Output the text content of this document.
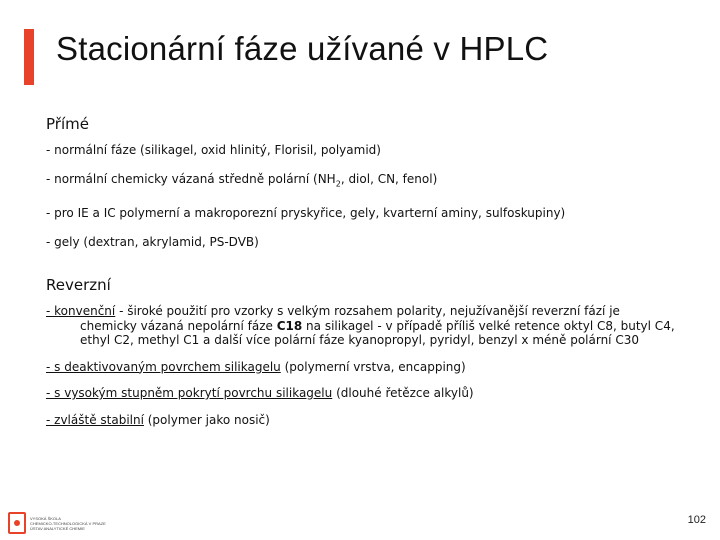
Stacionární fáze užívané v HPLC

Přímé

- normální fáze (silikagel, oxid hlinitý, Florisil, polyamid)

- normální chemicky vázaná středně polární ($NH_2$, diol, CN, fenol)

- pro IE a IC polymerní a makroporezní pryskyřice, gely, kvarterní aminy, sulfoskupiny)

- gely (dextran, akrylamid, PS-DVB)

Reverzní

- konvenční - široké použití pro vzorky s velkým rozsahem polarity, nejužívanější reverzní fází je
chemicky vázaná nepolární fáze C18 na silikagel - v případě příliš velké retence oktyl C8, butyl C4, ethyl C2, methyl C1 a další více polární fáze kyanopropyl, pyridyl, benzyl x méně polární C30

- s deaktivovaným povrchem silikagelu (polymerní vrstva, encapping)

- s vysokým stupněm pokrytí povrchu silikagelu (dlouhé řetězce alkylů)

- zvláště stabilní (polymer jako nosič)

VYSOKÁ ŠKOLA
CHEMICKO-TECHNOLOGICKÁ V PRAZE
ÚSTAV ANALYTICKÉ CHEMIE
102
